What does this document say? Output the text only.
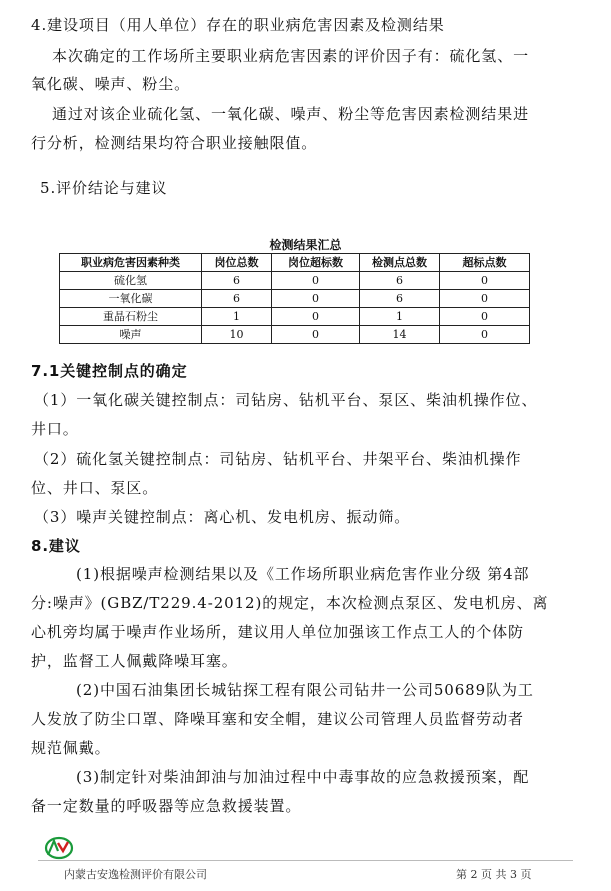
4.建设项目（用人单位）存在的职业病危害因素及检测结果
本次确定的工作场所主要职业病危害因素的评价因子有：硫化氢、一
氧化碳、噪声、粉尘。
通过对该企业硫化氢、一氧化碳、噪声、粉尘等危害因素检测结果进
行分析，检测结果均符合职业接触限值。
5.评价结论与建议
检测结果汇总
职业病危害因素种类	岗位总数	岗位超标数	检测点总数	超标点数
硫化氢	6	0	6	0
一氧化碳	6	0	6	0
重晶石粉尘	1	0	1	0
噪声	10	0	14	0
7.1关键控制点的确定
（1）一氧化碳关键控制点：司钻房、钻机平台、泵区、柴油机操作位、
井口。
（2）硫化氢关键控制点：司钻房、钻机平台、井架平台、柴油机操作
位、井口、泵区。
（3）噪声关键控制点：离心机、发电机房、振动筛。
8.建议
(1)根据噪声检测结果以及《工作场所职业病危害作业分级 第4部
分:噪声》(GBZ/T229.4-2012)的规定，本次检测点泵区、发电机房、离
心机旁均属于噪声作业场所，建议用人单位加强该工作点工人的个体防
护，监督工人佩戴降噪耳塞。
(2)中国石油集团长城钻探工程有限公司钻井一公司50689队为工
人发放了防尘口罩、降噪耳塞和安全帽，建议公司管理人员监督劳动者
规范佩戴。
(3)制定针对柴油卸油与加油过程中中毒事故的应急救援预案，配
备一定数量的呼吸器等应急救援装置。
内蒙古安逸检测评价有限公司	第 2 页 共 3 页
